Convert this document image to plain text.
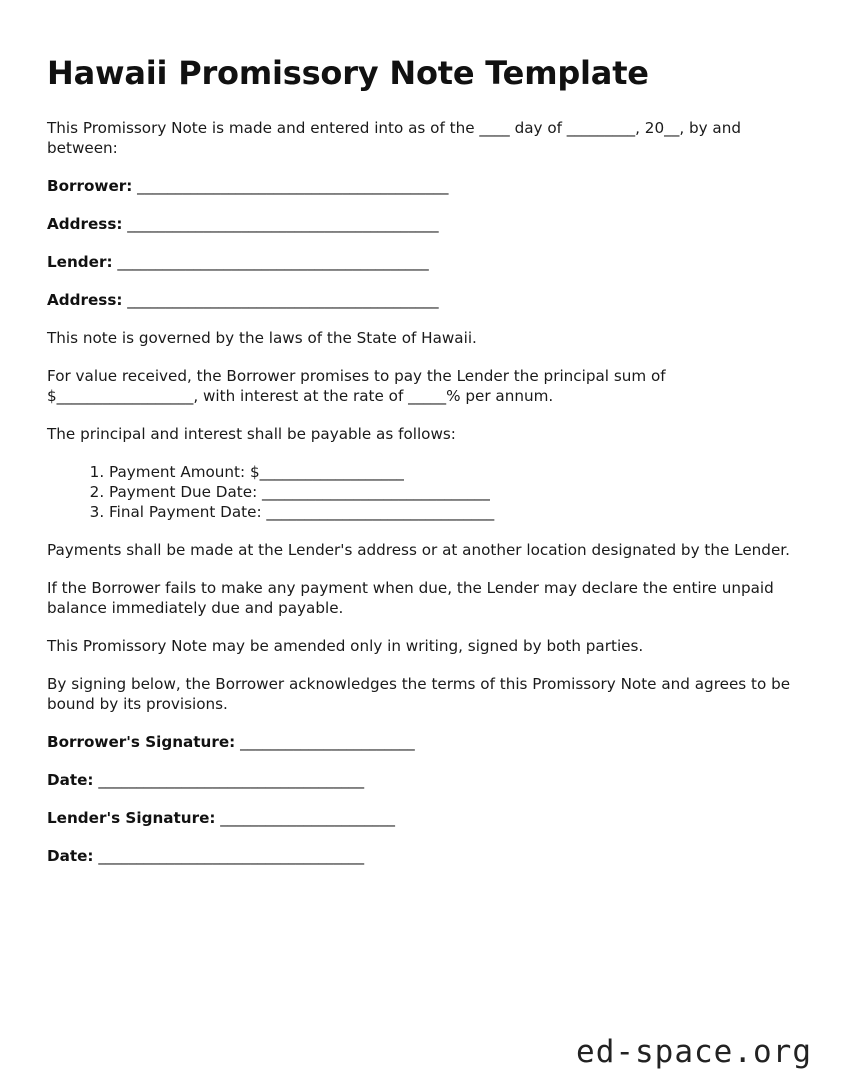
Hawaii Promissory Note Template

This Promissory Note is made and entered into as of the ____ day of _________, 20__, by and between:

Borrower: _________________________________________
Address: _________________________________________
Lender: _________________________________________
Address: _________________________________________

This note is governed by the laws of the State of Hawaii.

For value received, the Borrower promises to pay the Lender the principal sum of $__________________, with interest at the rate of _____% per annum.

The principal and interest shall be payable as follows:

1. Payment Amount: $___________________
2. Payment Due Date: ______________________________
3. Final Payment Date: ______________________________

Payments shall be made at the Lender's address or at another location designated by the Lender.

If the Borrower fails to make any payment when due, the Lender may declare the entire unpaid balance immediately due and payable.

This Promissory Note may be amended only in writing, signed by both parties.

By signing below, the Borrower acknowledges the terms of this Promissory Note and agrees to be bound by its provisions.

Borrower's Signature: _______________________
Date: ___________________________________
Lender's Signature: _______________________
Date: ___________________________________
ed-space.org
